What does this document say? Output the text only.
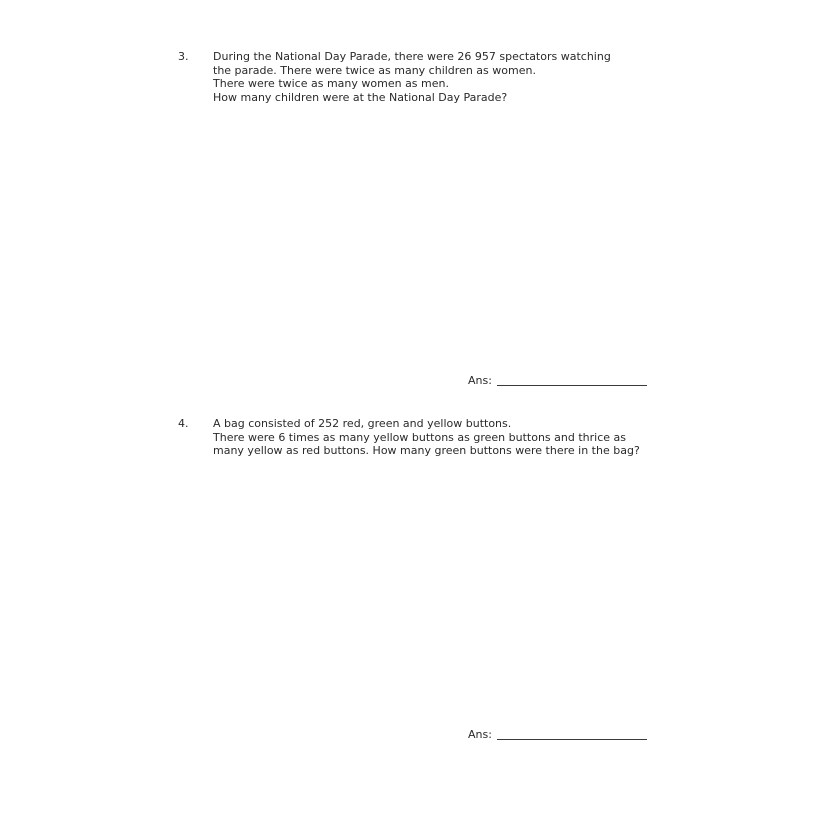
3. During the National Day Parade, there were 26 957 spectators watching
the parade. There were twice as many children as women.
There were twice as many women as men.
How many children were at the National Day Parade?
Ans:
4. A bag consisted of 252 red, green and yellow buttons.
There were 6 times as many yellow buttons as green buttons and thrice as
many yellow as red buttons. How many green buttons were there in the bag?
Ans:
